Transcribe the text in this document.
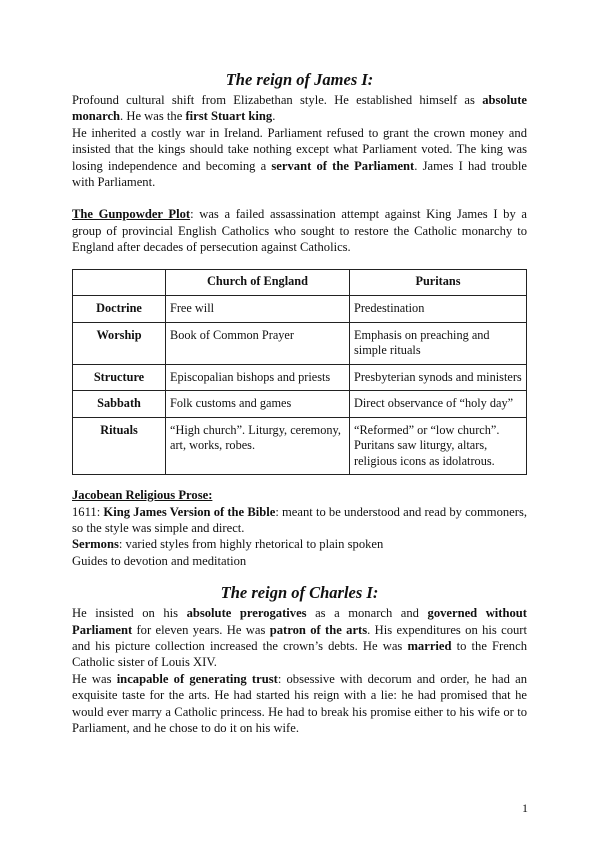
The reign of James I:

Profound cultural shift from Elizabethan style. He established himself as absolute monarch. He was the first Stuart king.

He inherited a costly war in Ireland. Parliament refused to grant the crown money and insisted that the kings should take nothing except what Parliament voted. The king was losing independence and becoming a servant of the Parliament. James I had trouble with Parliament.

The Gunpowder Plot: was a failed assassination attempt against King James I by a group of provincial English Catholics who sought to restore the Catholic monarchy to England after decades of persecution against Catholics.

	Church of England	Puritans
Doctrine	Free will	Predestination
Worship	Book of Common Prayer	Emphasis on preaching and simple rituals
Structure	Episcopalian bishops and priests	Presbyterian synods and ministers
Sabbath	Folk customs and games	Direct observance of “holy day”
Rituals	“High church”. Liturgy, ceremony, art, works, robes.	“Reformed” or “low church”. Puritans saw liturgy, altars, religious icons as idolatrous.

Jacobean Religious Prose:

1611: King James Version of the Bible: meant to be understood and read by commoners, so the style was simple and direct.

Sermons: varied styles from highly rhetorical to plain spoken

Guides to devotion and meditation

The reign of Charles I:

He insisted on his absolute prerogatives as a monarch and governed without Parliament for eleven years. He was patron of the arts. His expenditures on his court and his picture collection increased the crown’s debts. He was married to the French Catholic sister of Louis XIV.

He was incapable of generating trust: obsessive with decorum and order, he had an exquisite taste for the arts. He had started his reign with a lie: he had promised that he would ever marry a Catholic princess. He had to break his promise either to his wife or to Parliament, and he chose to do it on his wife.

1
